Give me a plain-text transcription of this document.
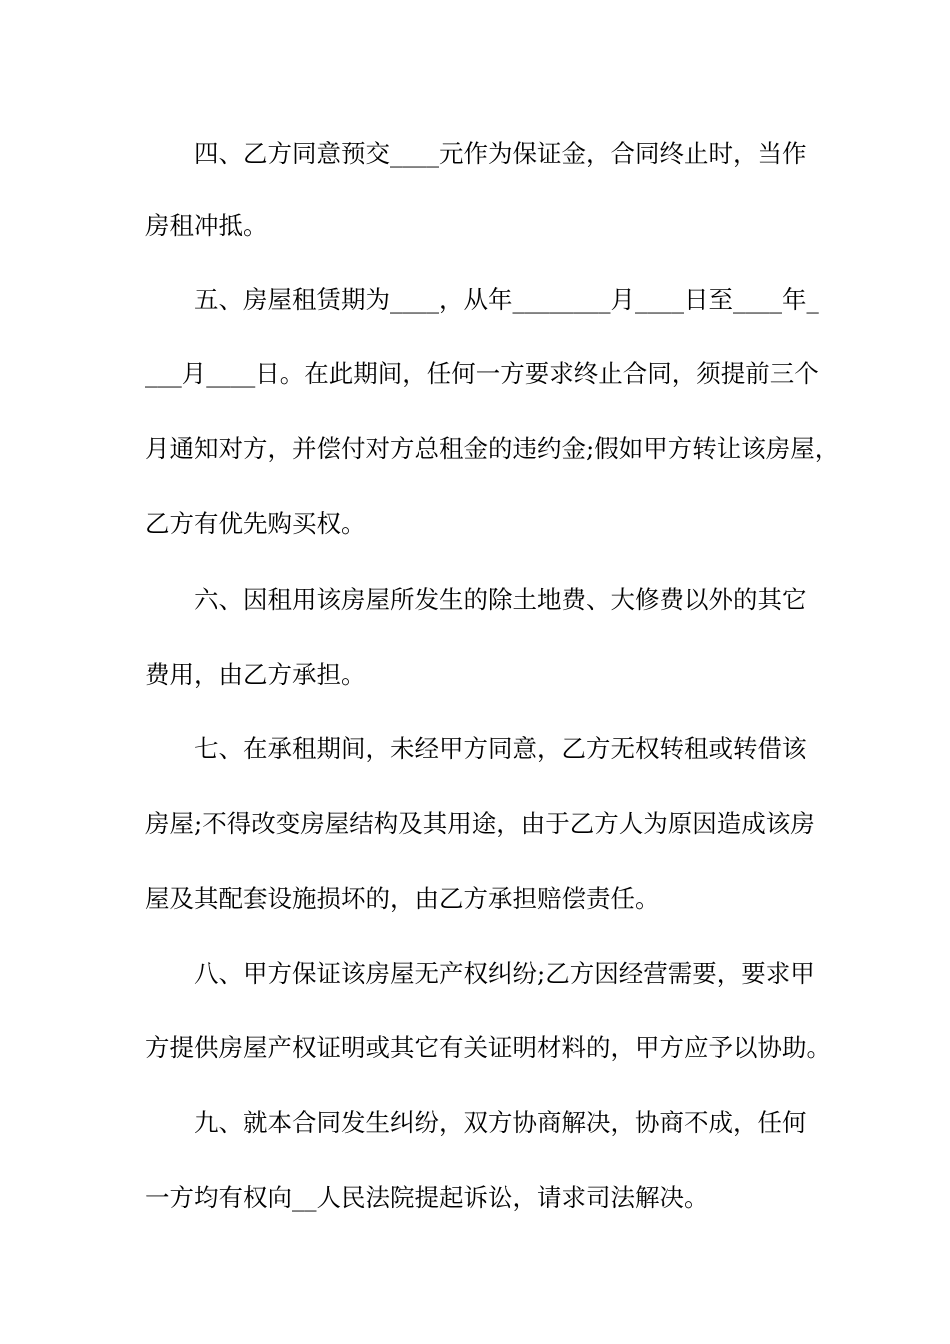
四、乙方同意预交____元作为保证金，合同终止时，当作
房租冲抵。
五、房屋租赁期为____，从年________月____日至____年_
___月____日。在此期间，任何一方要求终止合同，须提前三个
月通知对方，并偿付对方总租金的违约金;假如甲方转让该房屋，
乙方有优先购买权。
六、因租用该房屋所发生的除土地费、大修费以外的其它
费用，由乙方承担。
七、在承租期间，未经甲方同意，乙方无权转租或转借该
房屋;不得改变房屋结构及其用途，由于乙方人为原因造成该房
屋及其配套设施损坏的，由乙方承担赔偿责任。
八、甲方保证该房屋无产权纠纷;乙方因经营需要，要求甲
方提供房屋产权证明或其它有关证明材料的，甲方应予以协助。
九、就本合同发生纠纷，双方协商解决，协商不成，任何
一方均有权向__人民法院提起诉讼，请求司法解决。
